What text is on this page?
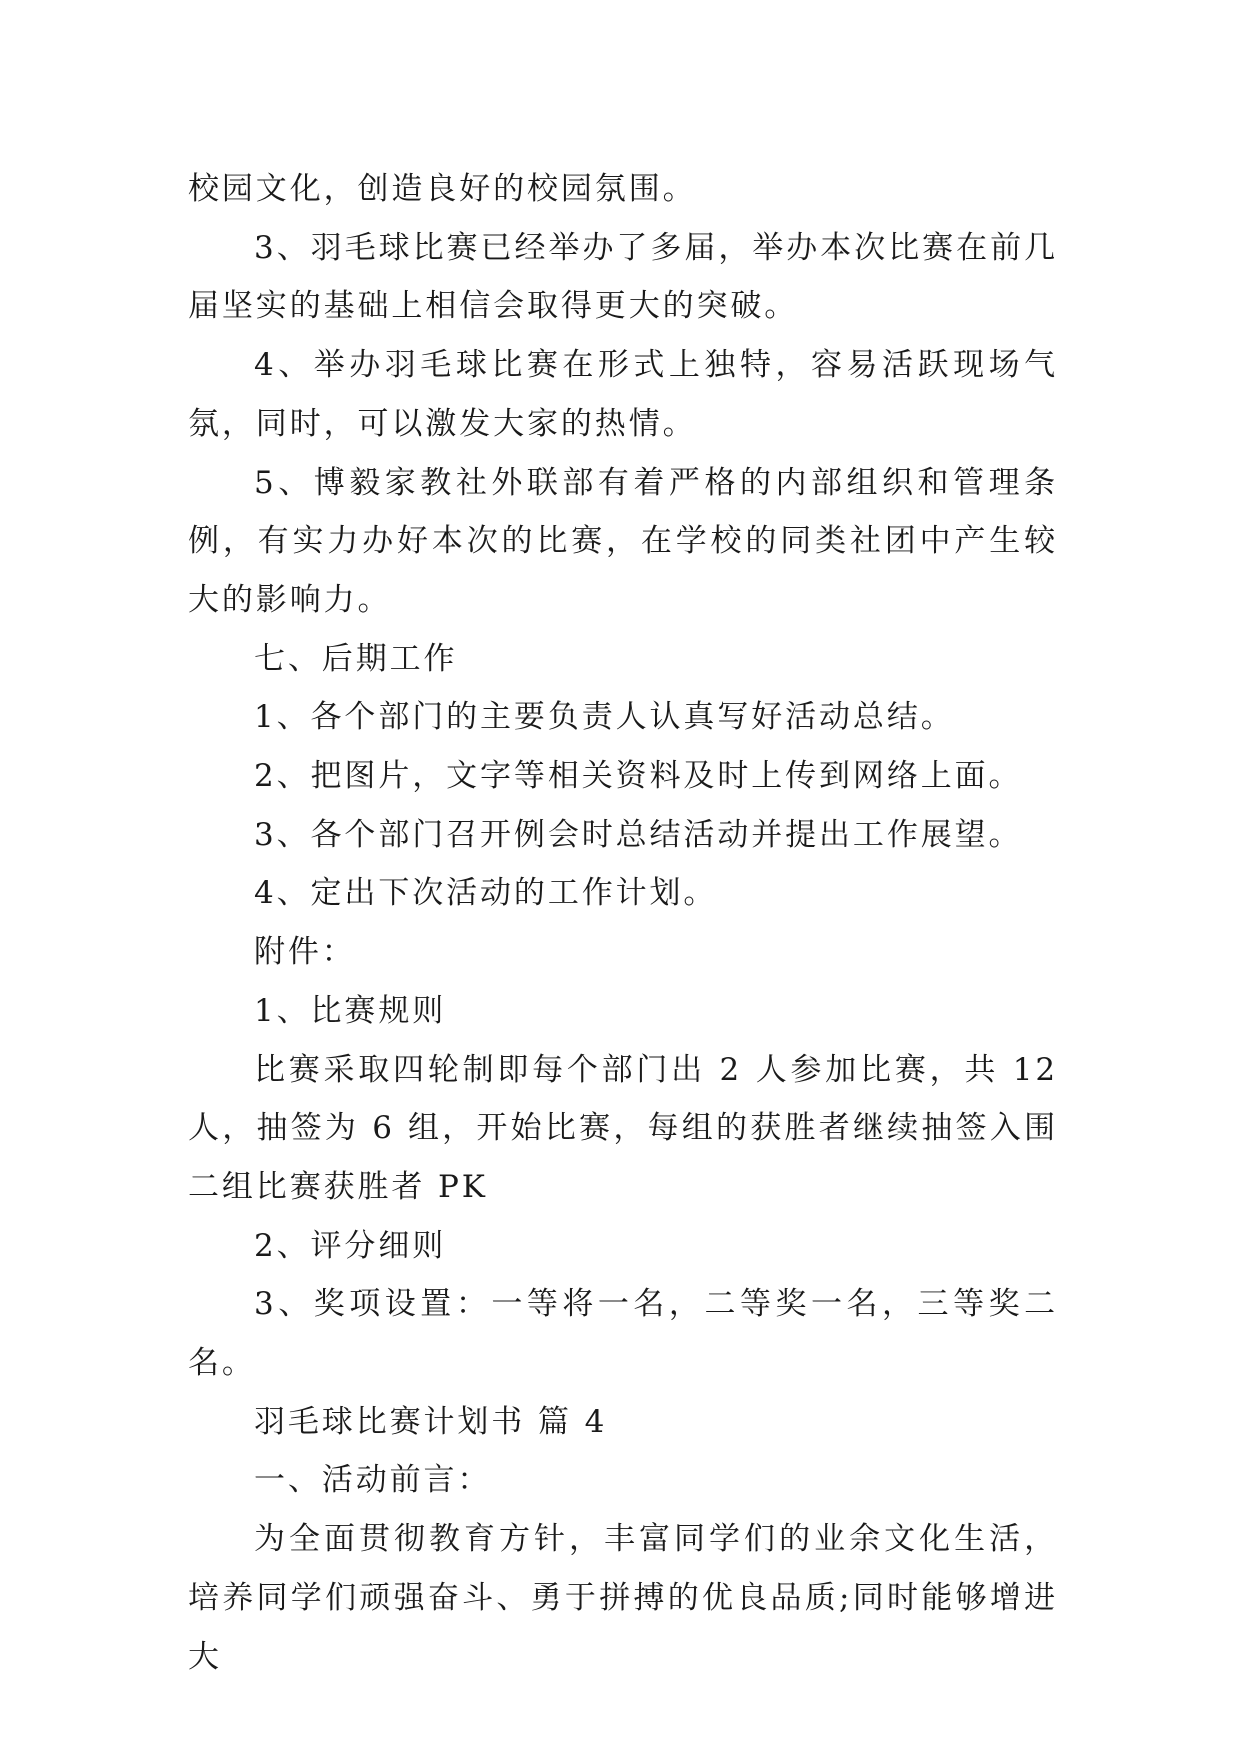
校园文化，创造良好的校园氛围。

3、羽毛球比赛已经举办了多届，举办本次比赛在前几届坚实的基础上相信会取得更大的突破。

4、举办羽毛球比赛在形式上独特，容易活跃现场气氛，同时，可以激发大家的热情。

5、博毅家教社外联部有着严格的内部组织和管理条例，有实力办好本次的比赛，在学校的同类社团中产生较大的影响力。

七、后期工作

1、各个部门的主要负责人认真写好活动总结。

2、把图片，文字等相关资料及时上传到网络上面。

3、各个部门召开例会时总结活动并提出工作展望。

4、定出下次活动的工作计划。

附件：

1、比赛规则

比赛采取四轮制即每个部门出 2 人参加比赛，共 12 人，抽签为 6 组，开始比赛，每组的获胜者继续抽签入围二组比赛获胜者 PK

2、评分细则

3、奖项设置：一等将一名，二等奖一名，三等奖二名。

羽毛球比赛计划书 篇 4

一、活动前言：

为全面贯彻教育方针，丰富同学们的业余文化生活，培养同学们顽强奋斗、勇于拼搏的优良品质;同时能够增进大
